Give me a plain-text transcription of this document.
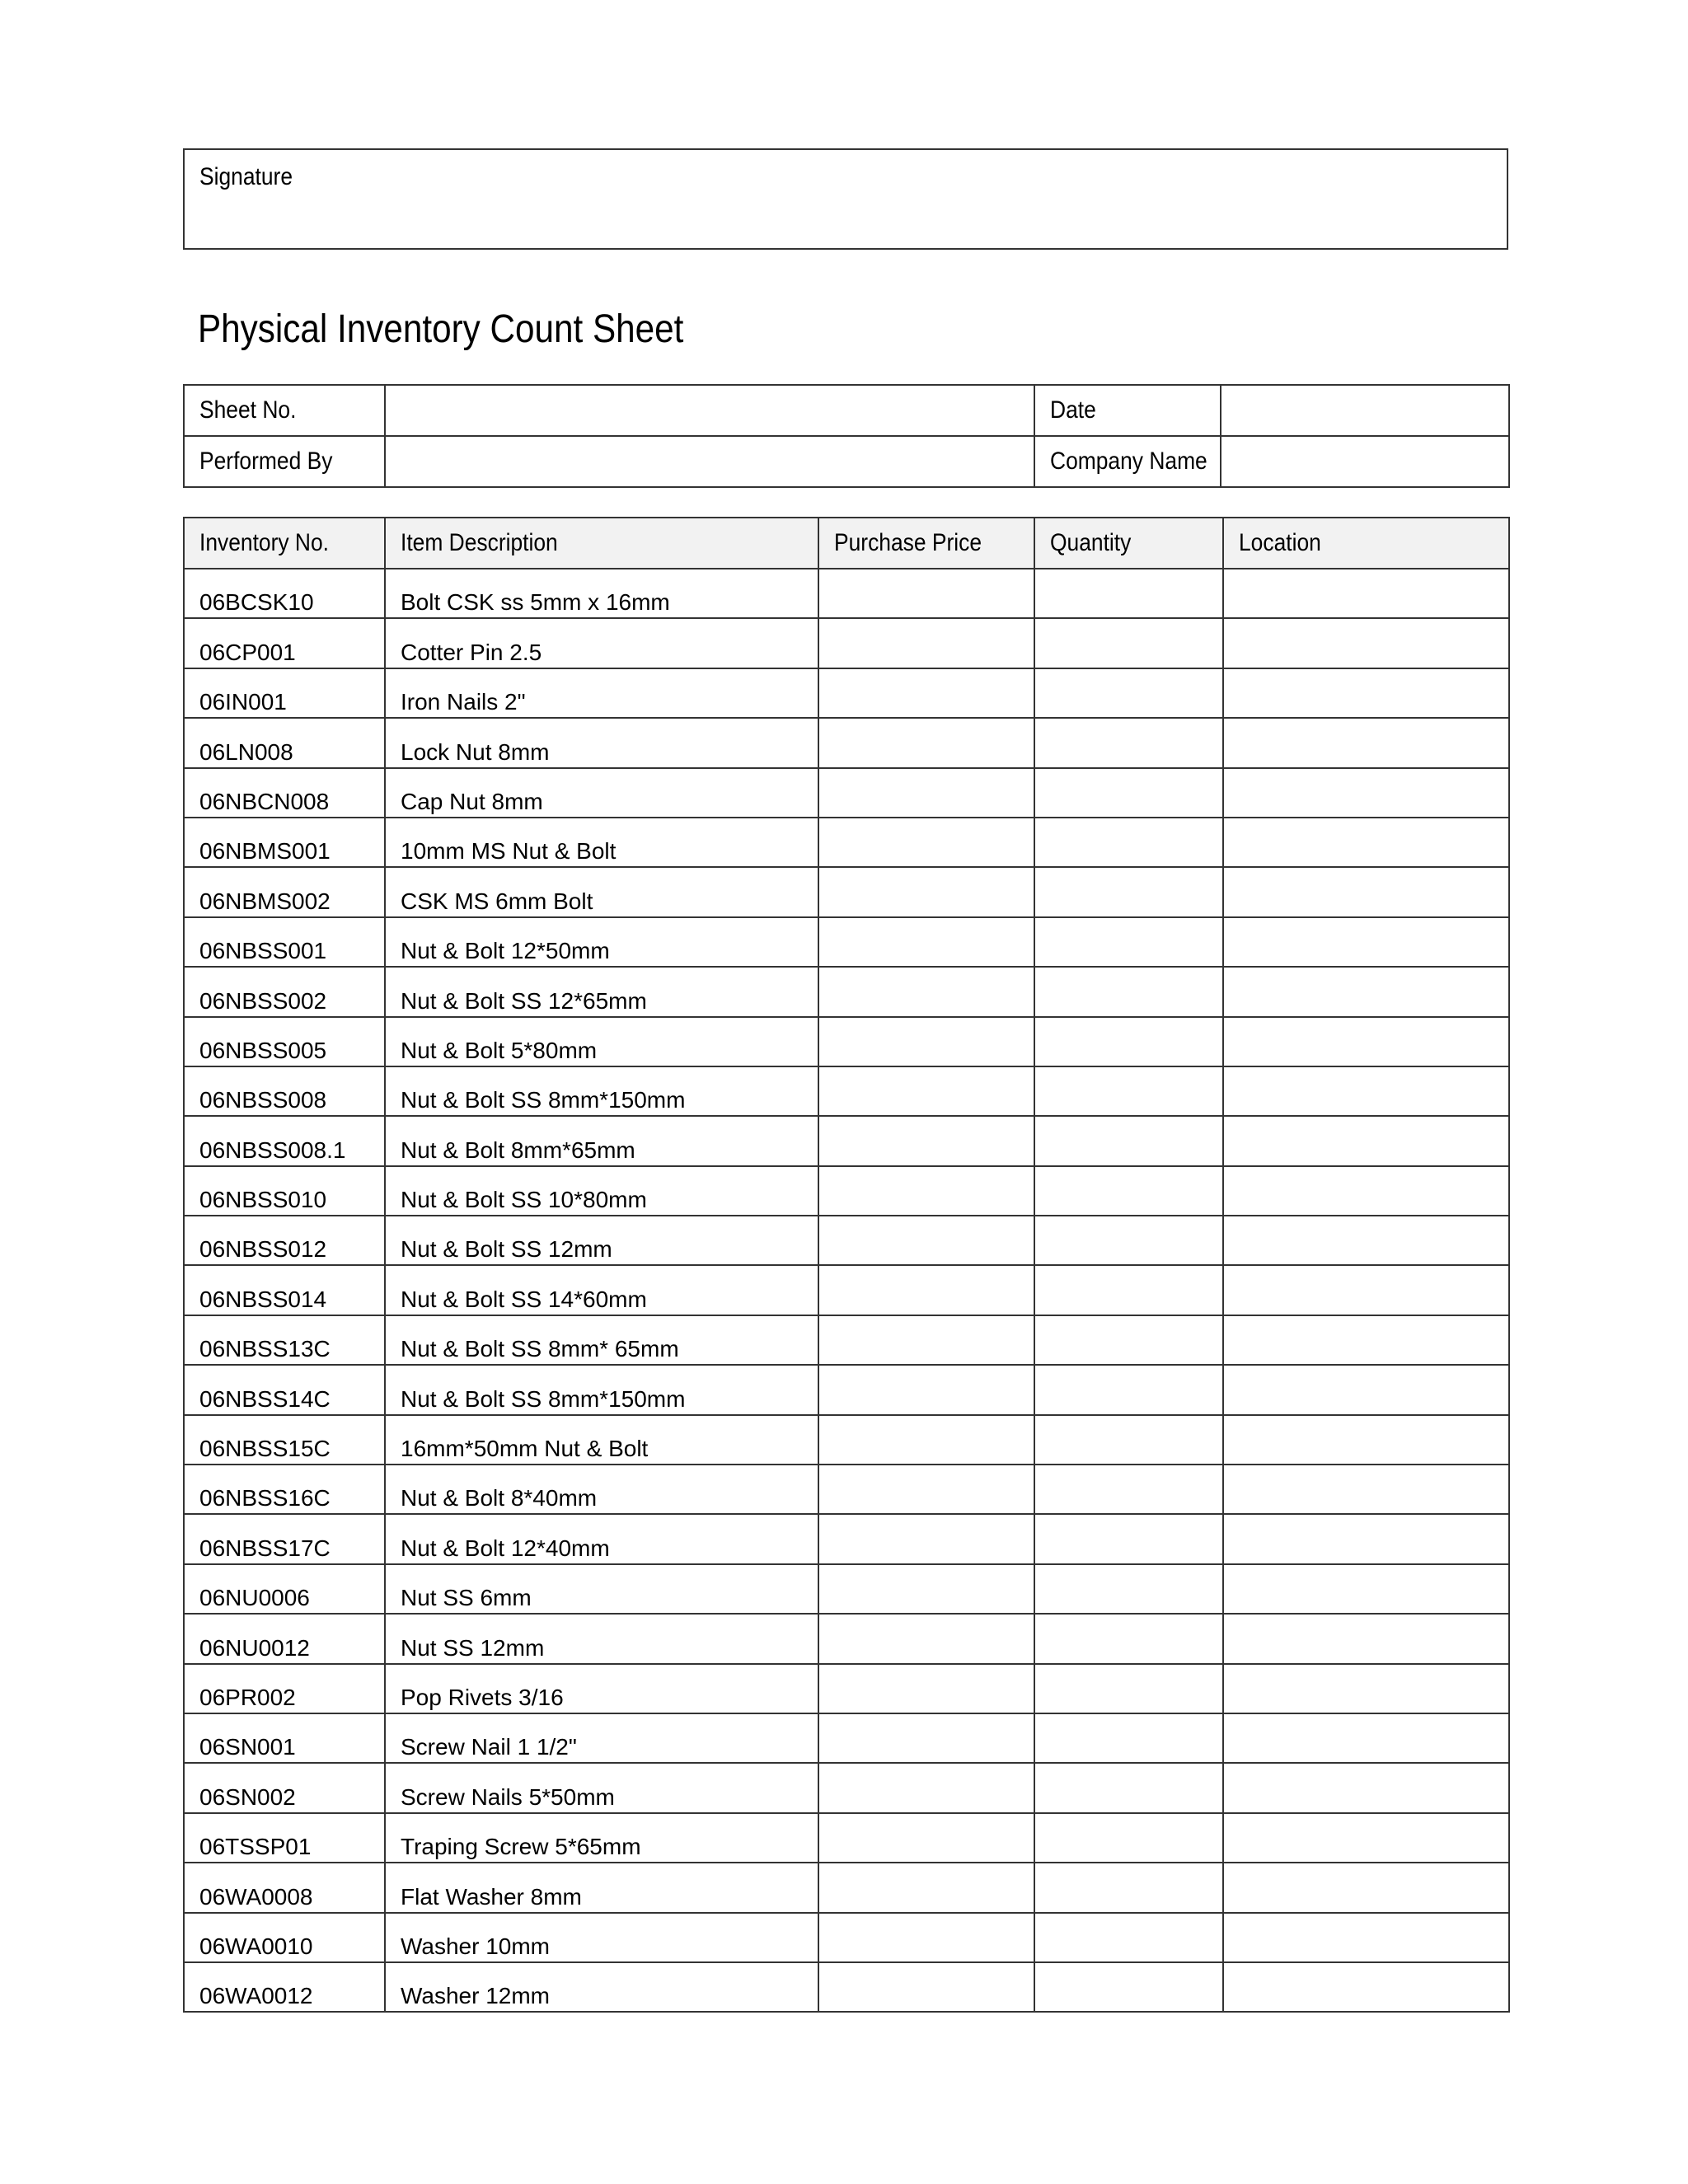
Signature
Physical Inventory Count Sheet
Sheet No.		Date	
Performed By		Company Name	
Inventory No.	Item Description	Purchase Price	Quantity	Location
06BCSK10	Bolt CSK ss 5mm x 16mm			
06CP001	Cotter Pin 2.5			
06IN001	Iron Nails 2"			
06LN008	Lock Nut 8mm			
06NBCN008	Cap Nut 8mm			
06NBMS001	10mm MS Nut & Bolt			
06NBMS002	CSK MS 6mm Bolt			
06NBSS001	Nut & Bolt 12*50mm			
06NBSS002	Nut & Bolt SS 12*65mm			
06NBSS005	Nut & Bolt 5*80mm			
06NBSS008	Nut & Bolt SS 8mm*150mm			
06NBSS008.1	Nut & Bolt 8mm*65mm			
06NBSS010	Nut & Bolt SS 10*80mm			
06NBSS012	Nut & Bolt SS 12mm			
06NBSS014	Nut & Bolt SS 14*60mm			
06NBSS13C	Nut & Bolt SS 8mm* 65mm			
06NBSS14C	Nut & Bolt SS 8mm*150mm			
06NBSS15C	16mm*50mm Nut & Bolt			
06NBSS16C	Nut & Bolt 8*40mm			
06NBSS17C	Nut & Bolt 12*40mm			
06NU0006	Nut SS 6mm			
06NU0012	Nut SS 12mm			
06PR002	Pop Rivets 3/16			
06SN001	Screw Nail 1 1/2"			
06SN002	Screw Nails 5*50mm			
06TSSP01	Traping Screw 5*65mm			
06WA0008	Flat Washer 8mm			
06WA0010	Washer 10mm			
06WA0012	Washer 12mm			
